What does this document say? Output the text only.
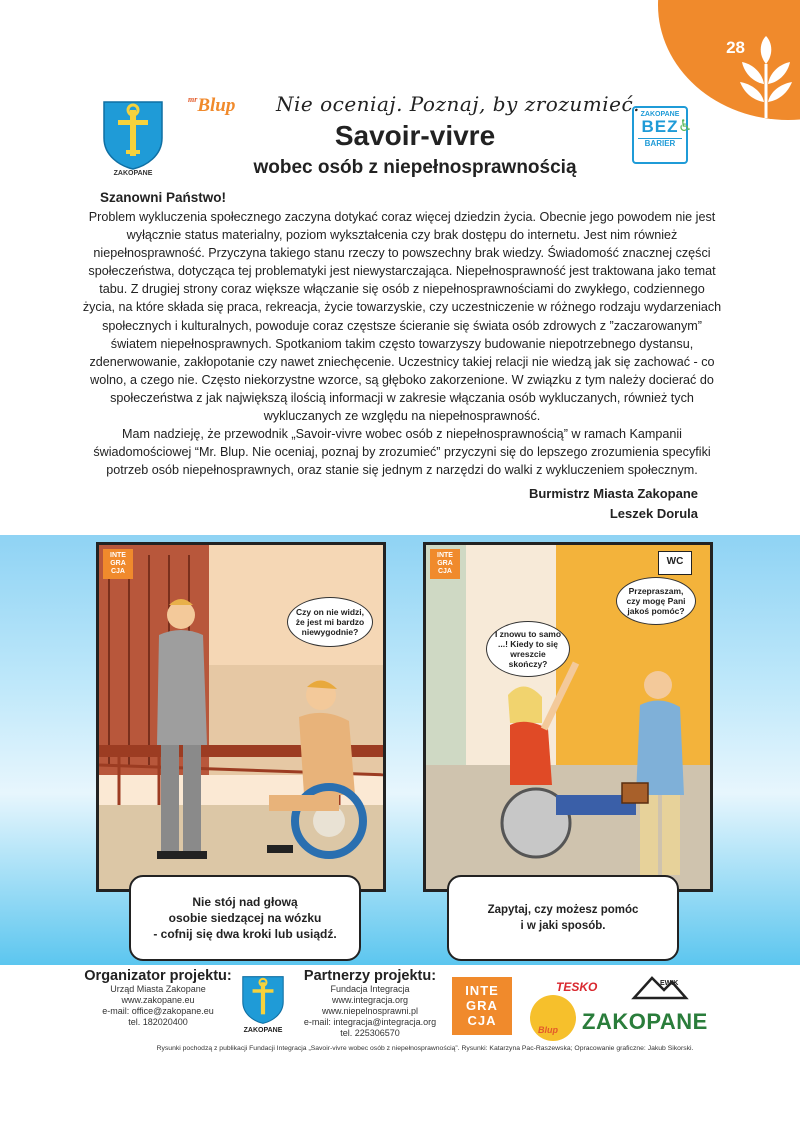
28
ZAKOPANE
$^{mr}$Blup Nie oceniaj. Poznaj, by zrozumieć.
Savoir-vivre
wobec osób z niepełnosprawnością
ZAKOPANE
BEZ
BARIER
♿
Szanowni Państwo!

Problem wykluczenia społecznego zaczyna dotykać coraz więcej dziedzin życia. Obecnie jego powodem nie jest wyłącznie status materialny, poziom wykształcenia czy brak dostępu do internetu. Jest nim również niepełnosprawność. Przyczyna takiego stanu rzeczy to powszechny brak wiedzy. Świadomość znacznej części społeczeństwa, dotycząca tej problematyki jest niewystarczająca. Niepełnosprawność jest traktowana jako temat tabu. Z drugiej strony coraz większe włączanie się osób z niepełnosprawnościami do zwykłego, codziennego życia, na które składa się praca, rekreacja, życie towarzyskie, czy uczestniczenie w różnego rodzaju wydarzeniach społecznych i kulturalnych, powoduje coraz częstsze ścieranie się świata osób zdrowych z ”zaczarowanym” światem niepełnosprawnych. Spotkaniom takim często towarzyszy budowanie niepotrzebnego dystansu, zdenerwowanie, zakłopotanie czy nawet zniechęcenie. Uczestnicy takiej relacji nie wiedzą jak się zachować - co wolno, a czego nie. Często niekorzystne wzorce, są głęboko zakorzenione. W związku z tym należy docierać do społeczeństwa z jak największą ilością informacji w zakresie włączania osób wykluczanych, również tych wykluczanych ze względu na niepełnosprawność.

Mam nadzieję, że przewodnik „Savoir-vivre wobec osób z niepełnosprawnością” w ramach Kampanii świadomościowej “Mr. Blup. Nie oceniaj, poznaj by zrozumieć” przyczyni się do lepszego zrozumienia specyfiki potrzeb osób niepełnosprawnych, oraz stanie się jednym z narzędzi do walki z wykluczeniem społecznym.

Burmistrz Miasta Zakopane
Leszek Dorula
INTE GRA CJA
Czy on nie widzi, że jest mi bardzo niewygodnie?
INTE GRA CJA
Przepraszam, czy mogę Pani jakoś pomóc?
I znowu to samo ...! Kiedy to się wreszcie skończy?
WC
Nie stój nad głową
osobie siedzącej na wózku
- cofnij się dwa kroki lub usiądź.
Zapytaj, czy możesz pomóc
i w jaki sposób.
Organizator projektu:
Urząd Miasta Zakopane
www.zakopane.eu
e-mail: office@zakopane.eu
tel. 182020400
ZAKOPANE
Partnerzy projektu:
Fundacja Integracja
www.integracja.org
www.niepelnosprawni.pl
e-mail: integracja@integracja.org
tel. 225306570
INTE GRA CJA
Blup
TESKO	EWIK
ZAKOPANE
Rysunki pochodzą z publikacji Fundacji Integracja „Savoir-vivre wobec osób z niepełnosprawnością”. Rysunki: Katarzyna Pac-Raszewska; Opracowanie graficzne: Jakub Sikorski.
